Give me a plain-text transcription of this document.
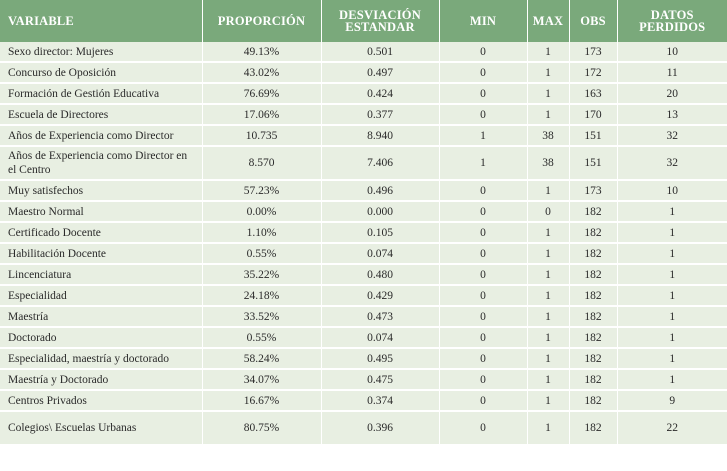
VARIABLE	PROPORCIÓN	DESVIACIÓN ESTANDAR	MIN	MAX	OBS	DATOS PERDIDOS
Sexo director: Mujeres	49.13%	0.501	0	1	173	10
Concurso de Oposición	43.02%	0.497	0	1	172	11
Formación de Gestión Educativa	76.69%	0.424	0	1	163	20
Escuela de Directores	17.06%	0.377	0	1	170	13
Años de Experiencia como Director	10.735	8.940	1	38	151	32
Años de Experiencia como Director en el Centro	8.570	7.406	1	38	151	32
Muy satisfechos	57.23%	0.496	0	1	173	10
Maestro Normal	0.00%	0.000	0	0	182	1
Certificado Docente	1.10%	0.105	0	1	182	1
Habilitación Docente	0.55%	0.074	0	1	182	1
Lincenciatura	35.22%	0.480	0	1	182	1
Especialidad	24.18%	0.429	0	1	182	1
Maestría	33.52%	0.473	0	1	182	1
Doctorado	0.55%	0.074	0	1	182	1
Especialidad, maestría y doctorado	58.24%	0.495	0	1	182	1
Maestría y Doctorado	34.07%	0.475	0	1	182	1
Centros Privados	16.67%	0.374	0	1	182	9
Colegios\ Escuelas Urbanas	80.75%	0.396	0	1	182	22
